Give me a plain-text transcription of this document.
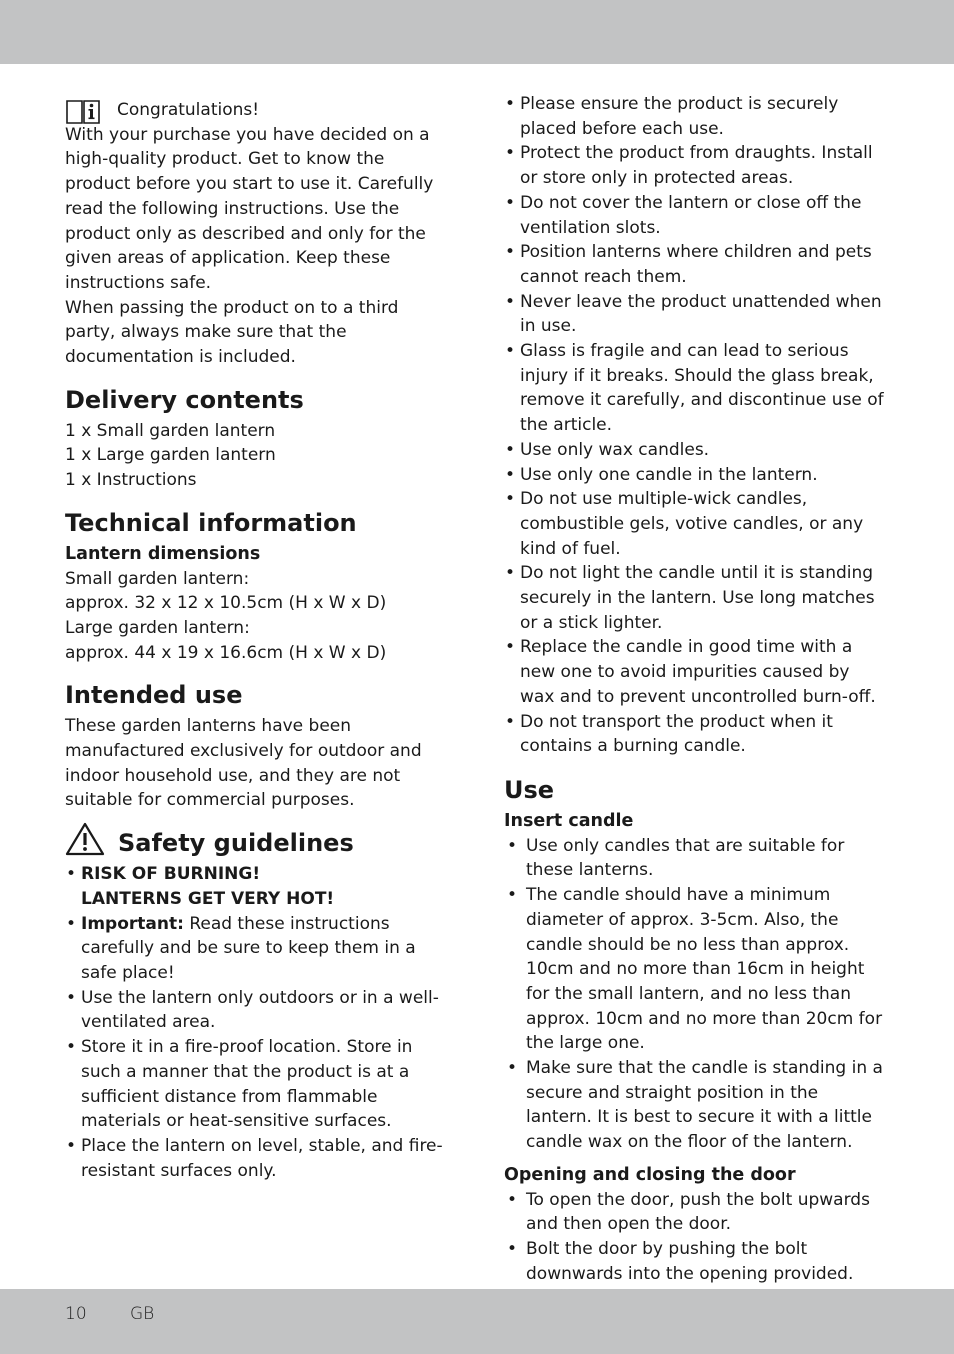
Congratulations!

With your purchase you have decided on a high-quality product. Get to know the product before you start to use it. Carefully read the following instructions. Use the product only as described and only for the given areas of application. Keep these instructions safe.

When passing the product on to a third party, always make sure that the documentation is included.

Delivery contents

1 x Small garden lantern

1 x Large garden lantern

1 x Instructions

Technical information
Lantern dimensions

Small garden lantern:

approx. 32 x 12 x 10.5cm (H x W x D)

Large garden lantern:

approx. 44 x 19 x 16.6cm (H x W x D)

Intended use

These garden lanterns have been manufactured exclusively for outdoor and indoor household use, and they are not suitable for commercial purposes.

Safety guidelines
• RISK OF BURNING!
LANTERNS GET VERY HOT!
• Important: Read these instructions carefully and be sure to keep them in a safe place!
• Use the lantern only outdoors or in a well-ventilated area.
• Store it in a fire-proof location. Store in such a manner that the product is at a sufficient distance from flammable materials or heat-sensitive surfaces.
• Place the lantern on level, stable, and fire-resistant surfaces only.
• Please ensure the product is securely placed before each use.
• Protect the product from draughts. Install or store only in protected areas.
• Do not cover the lantern or close off the ventilation slots.
• Position lanterns where children and pets cannot reach them.
• Never leave the product unattended when in use.
• Glass is fragile and can lead to serious injury if it breaks. Should the glass break, remove it carefully, and discontinue use of the article.
• Use only wax candles.
• Use only one candle in the lantern.
• Do not use multiple-wick candles, combustible gels, votive candles, or any kind of fuel.
• Do not light the candle until it is standing securely in the lantern. Use long matches or a stick lighter.
• Replace the candle in good time with a new one to avoid impurities caused by wax and to prevent uncontrolled burn-off.
• Do not transport the product when it contains a burning candle.
Use
Insert candle
• Use only candles that are suitable for these lanterns.
• The candle should have a minimum diameter of approx. 3-5cm. Also, the candle should be no less than approx. 10cm and no more than 16cm in height for the small lantern, and no less than approx. 10cm and no more than 20cm for the large one.
• Make sure that the candle is standing in a secure and straight position in the lantern. It is best to secure it with a little candle wax on the floor of the lantern.
Opening and closing the door
• To open the door, push the bolt upwards and then open the door.
• Bolt the door by pushing the bolt downwards into the opening provided.
10	GB
